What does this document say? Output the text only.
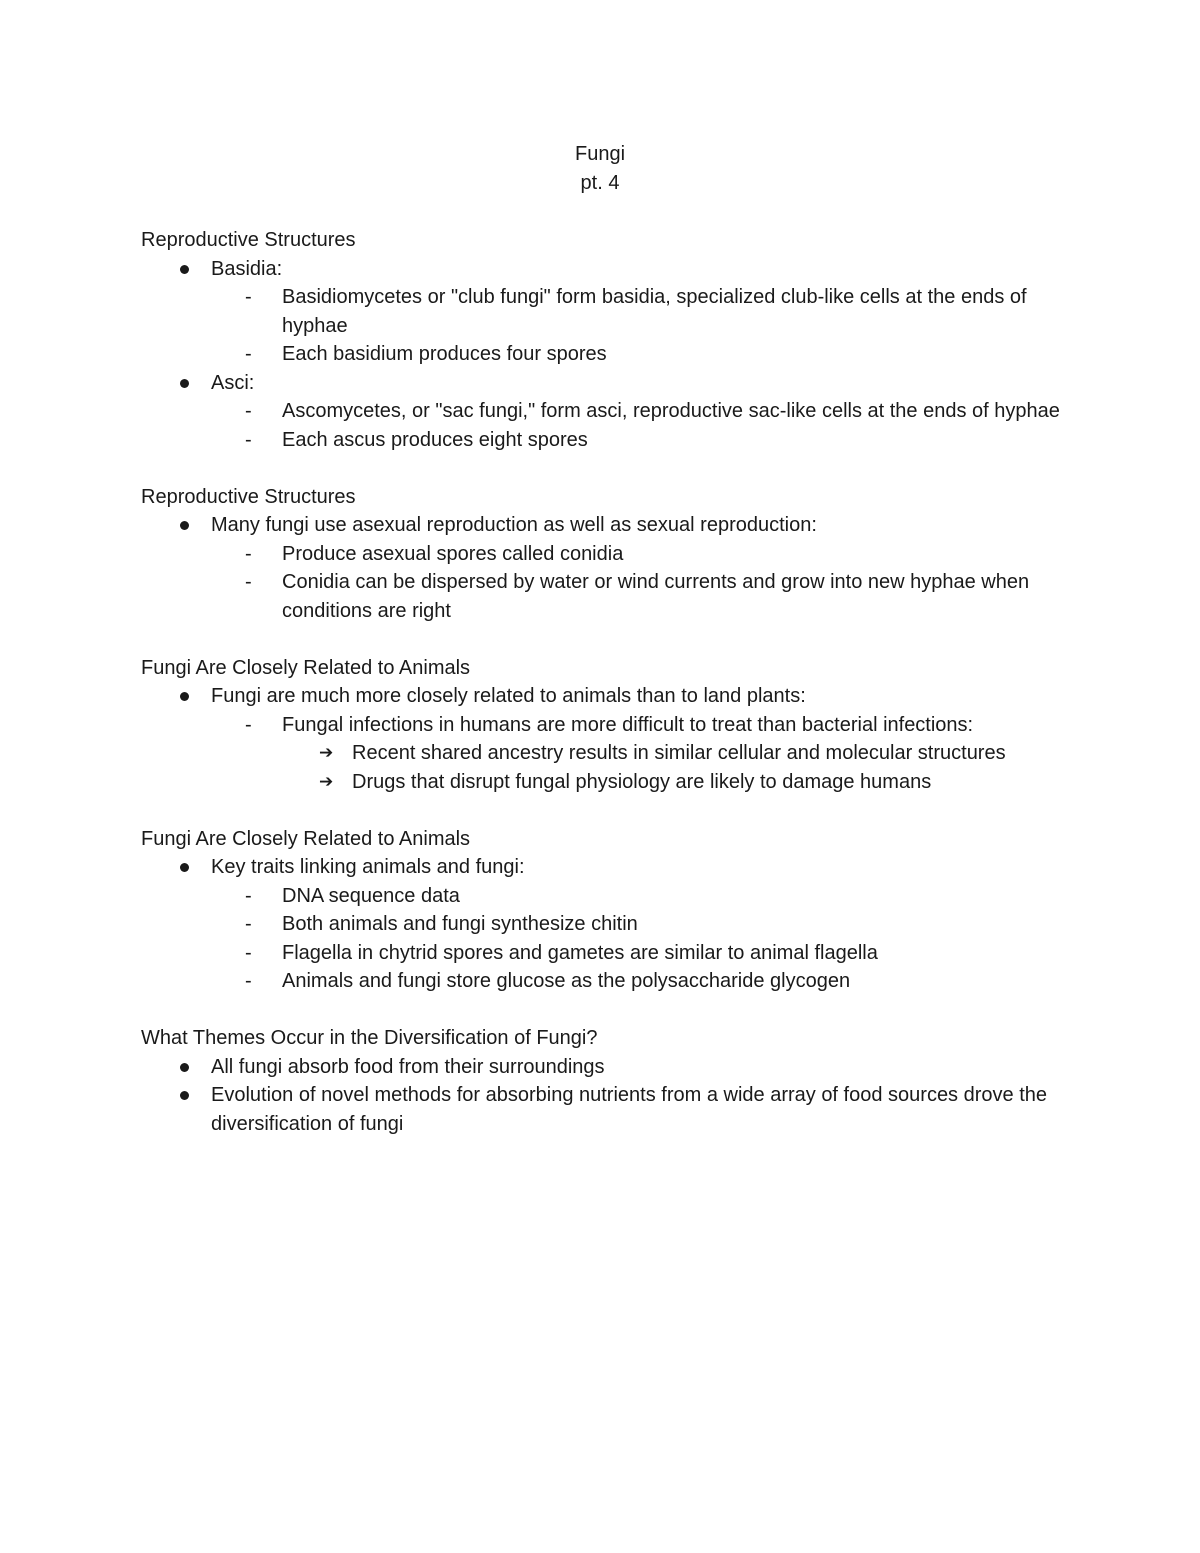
Fungi
pt. 4
Reproductive Structures
Basidia:
- Basidiomycetes or "club fungi" form basidia, specialized club-like cells at the ends of hyphae
- Each basidium produces four spores
Asci:
- Ascomycetes, or "sac fungi," form asci, reproductive sac-like cells at the ends of hyphae
- Each ascus produces eight spores
Reproductive Structures
Many fungi use asexual reproduction as well as sexual reproduction:
- Produce asexual spores called conidia
- Conidia can be dispersed by water or wind currents and grow into new hyphae when conditions are right
Fungi Are Closely Related to Animals
Fungi are much more closely related to animals than to land plants:
- Fungal infections in humans are more difficult to treat than bacterial infections:
➔ Recent shared ancestry results in similar cellular and molecular structures
➔ Drugs that disrupt fungal physiology are likely to damage humans
Fungi Are Closely Related to Animals
Key traits linking animals and fungi:
- DNA sequence data
- Both animals and fungi synthesize chitin
- Flagella in chytrid spores and gametes are similar to animal flagella
- Animals and fungi store glucose as the polysaccharide glycogen
What Themes Occur in the Diversification of Fungi?
All fungi absorb food from their surroundings
Evolution of novel methods for absorbing nutrients from a wide array of food sources drove the diversification of fungi
